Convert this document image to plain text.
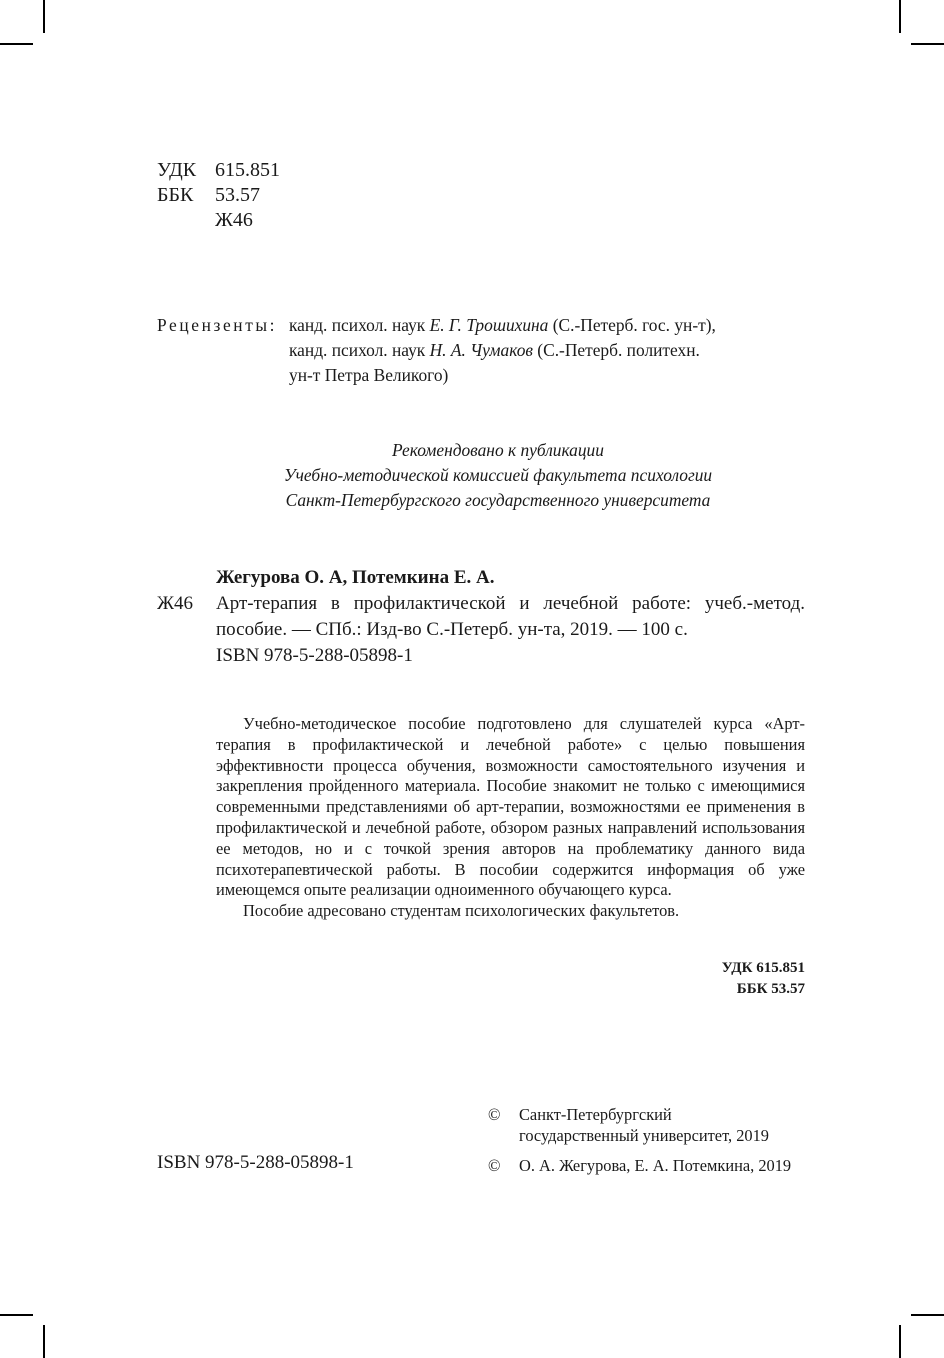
УДК 615.851
ББК	53.57
Ж46
Рецензенты: канд. психол. наук Е. Г. Трошихина (С.-Петерб. гос. ун-т),
канд. психол. наук Н. А. Чумаков (С.-Петерб. политехн.
ун-т Петра Великого)
Рекомендовано к публикации
Учебно-методической комиссией факультета психологии
Санкт-Петербургского государственного университета
Жегурова О. А, Потемкина Е. А.
Ж46 Арт-терапия в профилактической и лечебной работе: учеб.-метод. пособие. — СПб.: Изд-во С.-Петерб. ун-та, 2019. — 100 с.
ISBN 978-5-288-05898-1

Учебно-методическое пособие подготовлено для слушателей курса «Арт-терапия в профилактической и лечебной работе» с целью повышения эффективности процесса обучения, возможности самостоятельного изучения и закрепления пройденного материала. Пособие знакомит не только с имеющимися современными представлениями об арт-терапии, возможностями ее применения в профилактической и лечебной работе, обзором разных направлений использования ее методов, но и с точкой зрения авторов на проблематику данного вида психотерапевтической работы. В пособии содержится информация об уже имеющемся опыте реализации одноименного обучающего курса.

Пособие адресовано студентам психологических факультетов.

УДК 615.851
ББК 53.57
ISBN 978-5-288-05898-1
© Санкт-Петербургский
государственный университет, 2019
© О. А. Жегурова, Е. А. Потемкина, 2019
